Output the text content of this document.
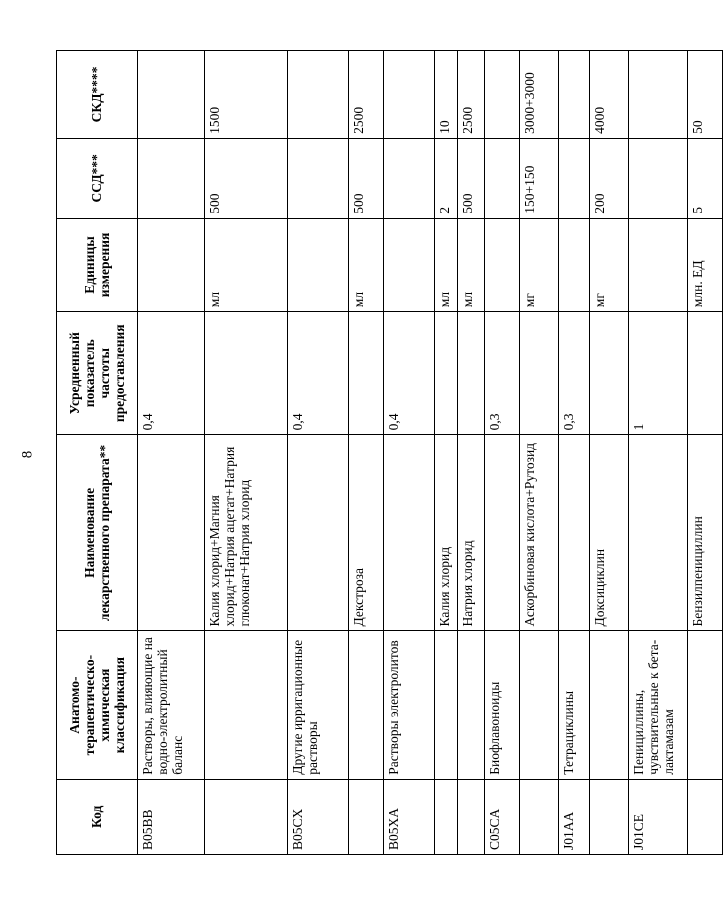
8
Код	Анатомо-терапевтическо-химическая классификация	Наименование лекарственного препарата**	Усредненный показатель частоты предоставления	Единицы измерения	ССД***	СКД****
B05BB	Растворы, влияющие на водно-электролитный баланс		0,4			
		Калия хлорид+Магния хлорид+Натрия ацетат+Натрия глюконат+Натрия хлорид		мл	500	1500
B05CX	Другие ирригационные растворы		0,4			
		Декстроза		мл	500	2500
B05XA	Растворы электролитов		0,4			
		Калия хлорид		мл	2	10
		Натрия хлорид		мл	500	2500
C05CA	Биофлавоноиды		0,3			
		Аскорбиновая кислота+Рутозид		мг	150+150	3000+3000
J01AA	Тетрациклины		0,3			
		Доксициклин		мг	200	4000
J01CE	Пенициллины, чувствительные к бета-лактамазам		1			
		Бензилпенициллин		млн. ЕД	5	50
